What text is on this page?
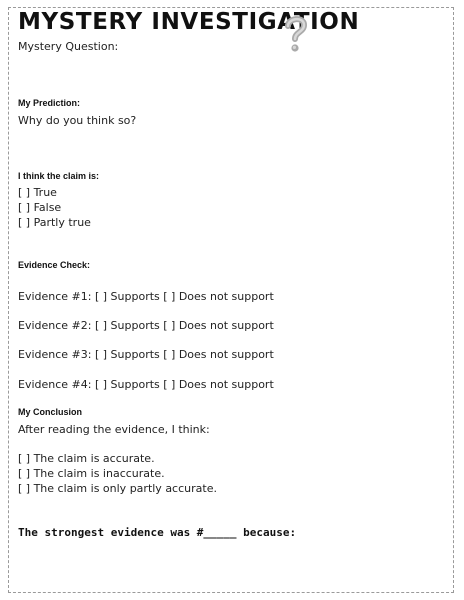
MYSTERY INVESTIGATION
Mystery Question:
My Prediction:
Why do you think so?
I think the claim is:
[ ] True
[ ] False
[ ] Partly true
Evidence Check:
Evidence #1: [ ] Supports [ ] Does not support
Evidence #2: [ ] Supports [ ] Does not support
Evidence #3: [ ] Supports [ ] Does not support
Evidence #4: [ ] Supports [ ] Does not support
My Conclusion
After reading the evidence, I think:
[ ] The claim is accurate.
[ ] The claim is inaccurate.
[ ] The claim is only partly accurate.
The strongest evidence was #_____ because:
